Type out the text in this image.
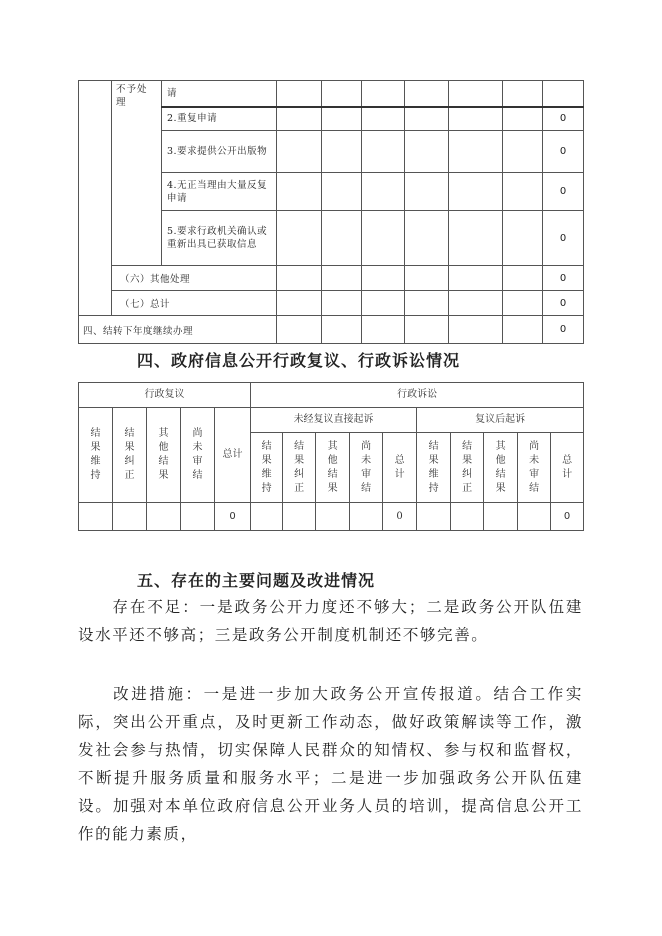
	不予处理	请							
		2.重复申请							0
		3.要求提供公开出版物							0
		4.无正当理由大量反复申请							0
		5.要求行政机关确认或重新出具已获取信息							0
	（六）其他处理								0
	（七）总计								0
四、结转下年度继续办理									0
四、政府信息公开行政复议、行政诉讼情况
行政复议					行政诉讼									

结果维持	结果纠正	其他结果	尚未审结	总计	未经复议直接起诉					复议后起诉				

					结果维持	结果纠正	其他结果	尚未审结	总计	结果维持	结果纠正	其他结果	尚未审结	总计

				0					0					0
五、存在的主要问题及改进情况
存在不足：一是政务公开力度还不够大；二是政务公开队伍建设水平还不够高；三是政务公开制度机制还不够完善。
改进措施：一是进一步加大政务公开宣传报道。结合工作实际，突出公开重点，及时更新工作动态，做好政策解读等工作，激发社会参与热情，切实保障人民群众的知情权、参与权和监督权，不断提升服务质量和服务水平；二是进一步加强政务公开队伍建设。加强对本单位政府信息公开业务人员的培训，提高信息公开工作的能力素质，
